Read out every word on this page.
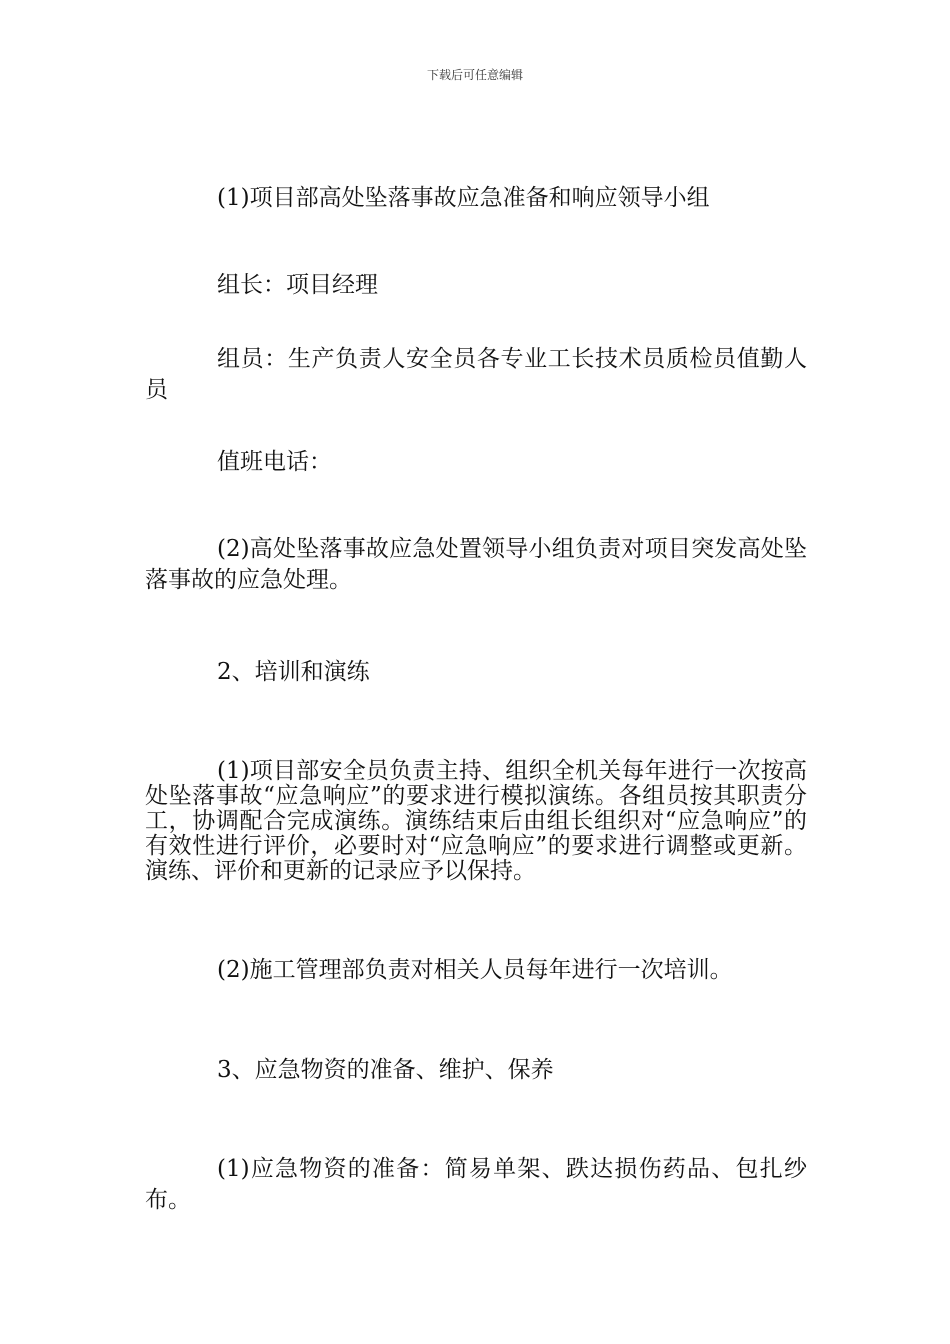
下载后可任意编辑

(1)项目部高处坠落事故应急准备和响应领导小组

组长：项目经理

组员：生产负责人安全员各专业工长技术员质检员值勤人员

值班电话：

(2)高处坠落事故应急处置领导小组负责对项目突发高处坠落事故的应急处理。

2、培训和演练

(1)项目部安全员负责主持、组织全机关每年进行一次按高处坠落事故“应急响应”的要求进行模拟演练。各组员按其职责分工，协调配合完成演练。演练结束后由组长组织对“应急响应”的有效性进行评价，必要时对“应急响应”的要求进行调整或更新。演练、评价和更新的记录应予以保持。

(2)施工管理部负责对相关人员每年进行一次培训。

3、应急物资的准备、维护、保养

(1)应急物资的准备：简易单架、跌达损伤药品、包扎纱布。
